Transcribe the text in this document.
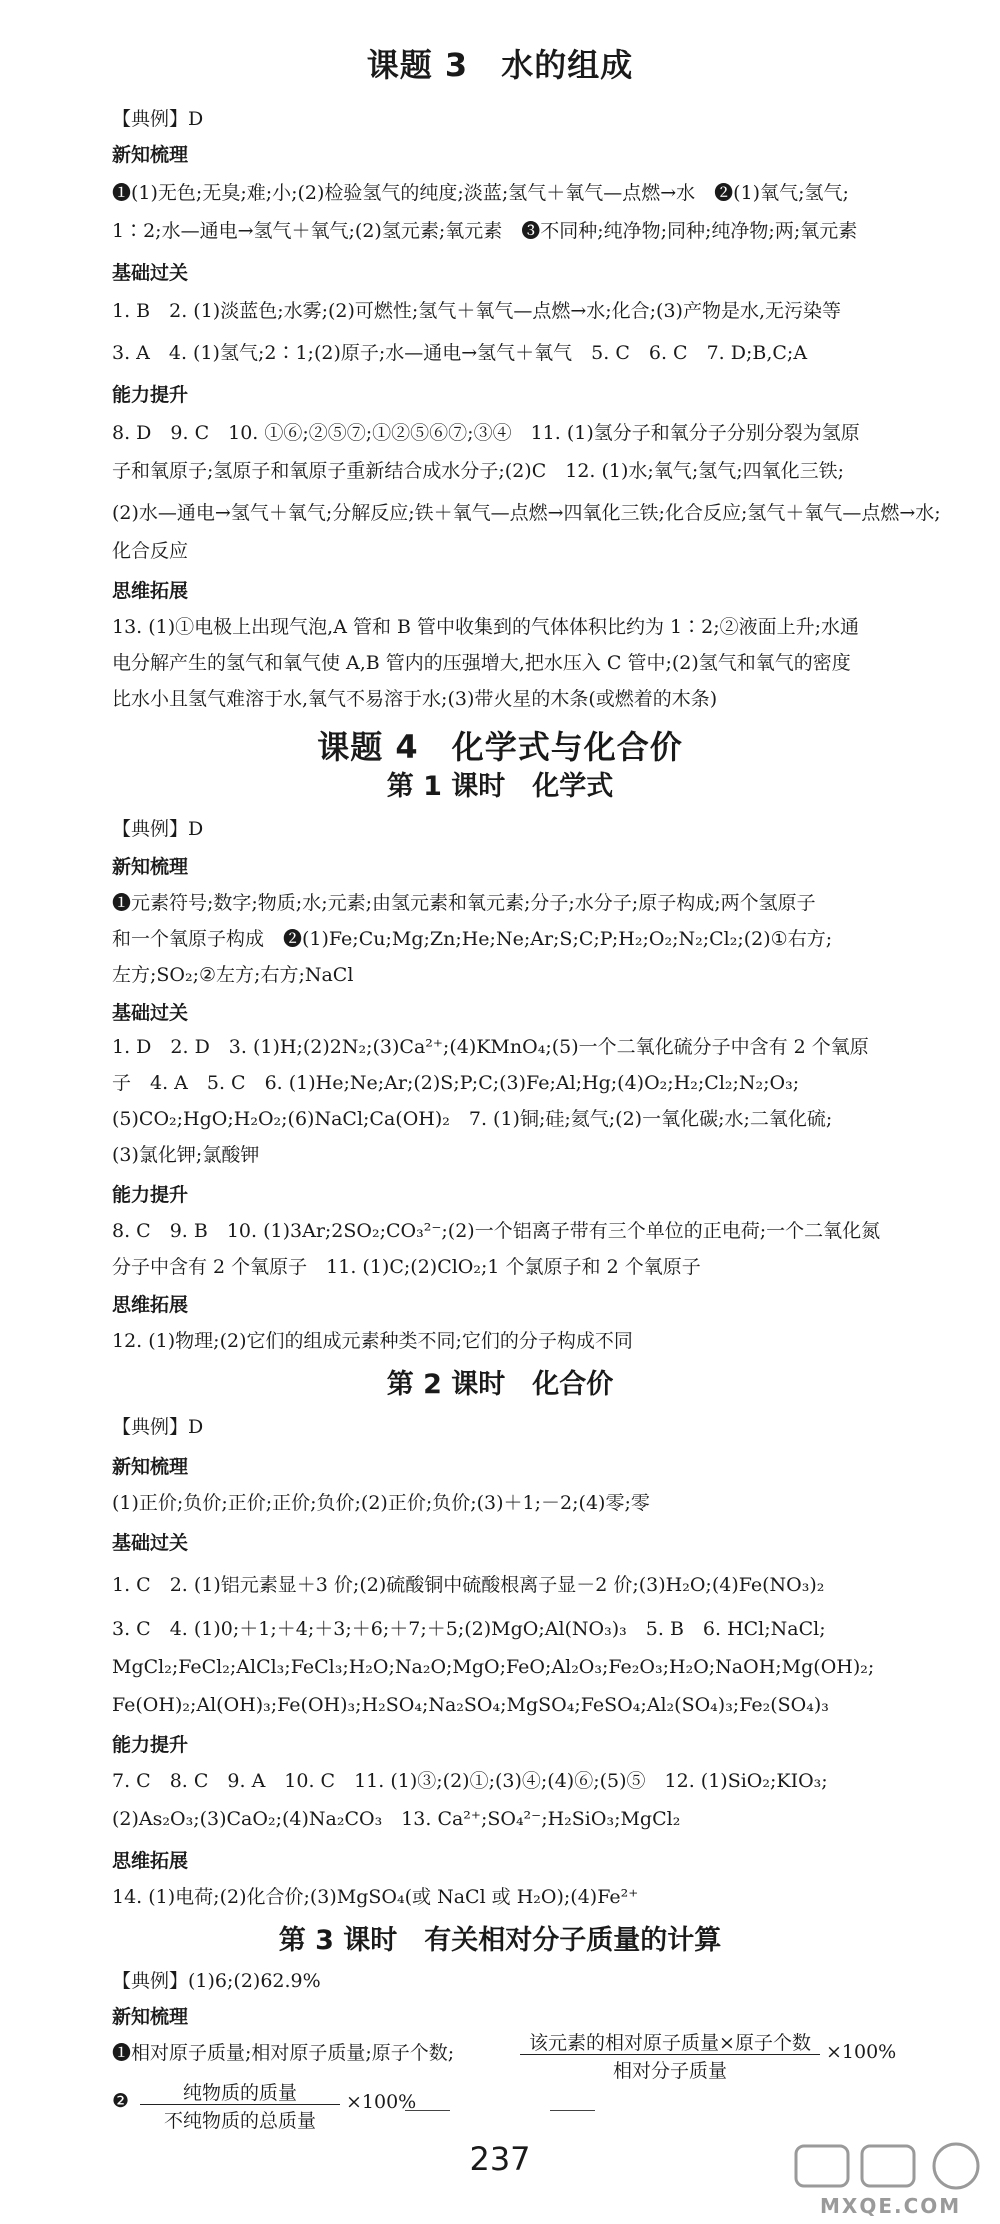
课题 3　水的组成
【典例】D
新知梳理
❶(1)无色;无臭;难;小;(2)检验氢气的纯度;淡蓝;氢气＋氧气—点燃→水　❷(1)氧气;氢气;
1∶2;水—通电→氢气＋氧气;(2)氢元素;氧元素　❸不同种;纯净物;同种;纯净物;两;氧元素
基础过关
1. B　2. (1)淡蓝色;水雾;(2)可燃性;氢气＋氧气—点燃→水;化合;(3)产物是水,无污染等
3. A　4. (1)氢气;2∶1;(2)原子;水—通电→氢气＋氧气　5. C　6. C　7. D;B,C;A
能力提升
8. D　9. C　10. ①⑥;②⑤⑦;①②⑤⑥⑦;③④　11. (1)氢分子和氧分子分别分裂为氢原
子和氧原子;氢原子和氧原子重新结合成水分子;(2)C　12. (1)水;氧气;氢气;四氧化三铁;
(2)水—通电→氢气＋氧气;分解反应;铁＋氧气—点燃→四氧化三铁;化合反应;氢气＋氧气—点燃→水;
化合反应
思维拓展
13. (1)①电极上出现气泡,A 管和 B 管中收集到的气体体积比约为 1∶2;②液面上升;水通
电分解产生的氢气和氧气使 A,B 管内的压强增大,把水压入 C 管中;(2)氢气和氧气的密度
比水小且氢气难溶于水,氧气不易溶于水;(3)带火星的木条(或燃着的木条)
课题 4　化学式与化合价
第 1 课时　化学式
【典例】D
新知梳理
❶元素符号;数字;物质;水;元素;由氢元素和氧元素;分子;水分子;原子构成;两个氢原子
和一个氧原子构成　❷(1)Fe;Cu;Mg;Zn;He;Ne;Ar;S;C;P;H₂;O₂;N₂;Cl₂;(2)①右方;
左方;SO₂;②左方;右方;NaCl
基础过关
1. D　2. D　3. (1)H;(2)2N₂;(3)Ca²⁺;(4)KMnO₄;(5)一个二氧化硫分子中含有 2 个氧原
子　4. A　5. C　6. (1)He;Ne;Ar;(2)S;P;C;(3)Fe;Al;Hg;(4)O₂;H₂;Cl₂;N₂;O₃;
(5)CO₂;HgO;H₂O₂;(6)NaCl;Ca(OH)₂　7. (1)铜;硅;氦气;(2)一氧化碳;水;二氧化硫;
(3)氯化钾;氯酸钾
能力提升
8. C　9. B　10. (1)3Ar;2SO₂;CO₃²⁻;(2)一个铝离子带有三个单位的正电荷;一个二氧化氮
分子中含有 2 个氧原子　11. (1)C;(2)ClO₂;1 个氯原子和 2 个氧原子
思维拓展
12. (1)物理;(2)它们的组成元素种类不同;它们的分子构成不同
第 2 课时　化合价
【典例】D
新知梳理
(1)正价;负价;正价;正价;负价;(2)正价;负价;(3)＋1;－2;(4)零;零
基础过关
1. C　2. (1)铝元素显＋3 价;(2)硫酸铜中硫酸根离子显－2 价;(3)H₂O;(4)Fe(NO₃)₂
3. C　4. (1)0;＋1;＋4;＋3;＋6;＋7;＋5;(2)MgO;Al(NO₃)₃　5. B　6. HCl;NaCl;
MgCl₂;FeCl₂;AlCl₃;FeCl₃;H₂O;Na₂O;MgO;FeO;Al₂O₃;Fe₂O₃;H₂O;NaOH;Mg(OH)₂;
Fe(OH)₂;Al(OH)₃;Fe(OH)₃;H₂SO₄;Na₂SO₄;MgSO₄;FeSO₄;Al₂(SO₄)₃;Fe₂(SO₄)₃
能力提升
7. C　8. C　9. A　10. C　11. (1)③;(2)①;(3)④;(4)⑥;(5)⑤　12. (1)SiO₂;KIO₃;
(2)As₂O₃;(3)CaO₂;(4)Na₂CO₃　13. Ca²⁺;SO₄²⁻;H₂SiO₃;MgCl₂
思维拓展
14. (1)电荷;(2)化合价;(3)MgSO₄(或 NaCl 或 H₂O);(4)Fe²⁺
第 3 课时　有关相对分子质量的计算
【典例】(1)6;(2)62.9%
新知梳理
❶相对原子质量;相对原子质量;原子个数;	该元素的相对原子质量×原子个数
相对分子质量
×100%
❷	纯物质的质量
不纯物质的总质量
×100%
237
MXQE.COM
